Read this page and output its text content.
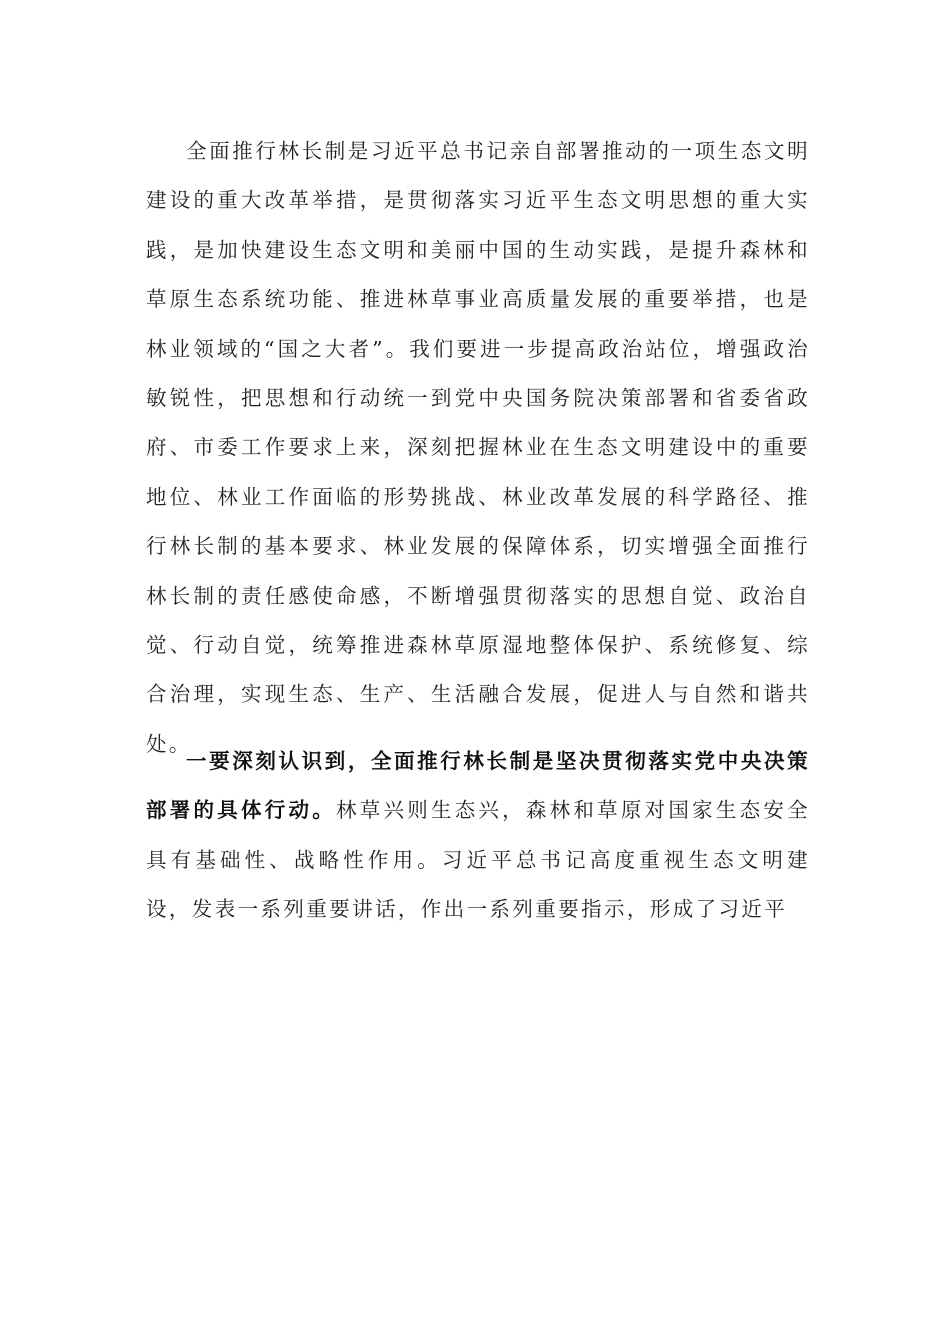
全面推行林长制是习近平总书记亲自部署推动的一项生态文明建设的重大改革举措，是贯彻落实习近平生态文明思想的重大实践，是加快建设生态文明和美丽中国的生动实践，是提升森林和草原生态系统功能、推进林草事业高质量发展的重要举措，也是林业领域的“国之大者”。我们要进一步提高政治站位，增强政治敏锐性，把思想和行动统一到党中央国务院决策部署和省委省政府、市委工作要求上来，深刻把握林业在生态文明建设中的重要地位、林业工作面临的形势挑战、林业改革发展的科学路径、推行林长制的基本要求、林业发展的保障体系，切实增强全面推行林长制的责任感使命感，不断增强贯彻落实的思想自觉、政治自觉、行动自觉，统筹推进森林草原湿地整体保护、系统修复、综合治理，实现生态、生产、生活融合发展，促进人与自然和谐共处。

一要深刻认识到，全面推行林长制是坚决贯彻落实党中央决策部署的具体行动。林草兴则生态兴，森林和草原对国家生态安全具有基础性、战略性作用。习近平总书记高度重视生态文明建设，发表一系列重要讲话，作出一系列重要指示，形成了习近平
